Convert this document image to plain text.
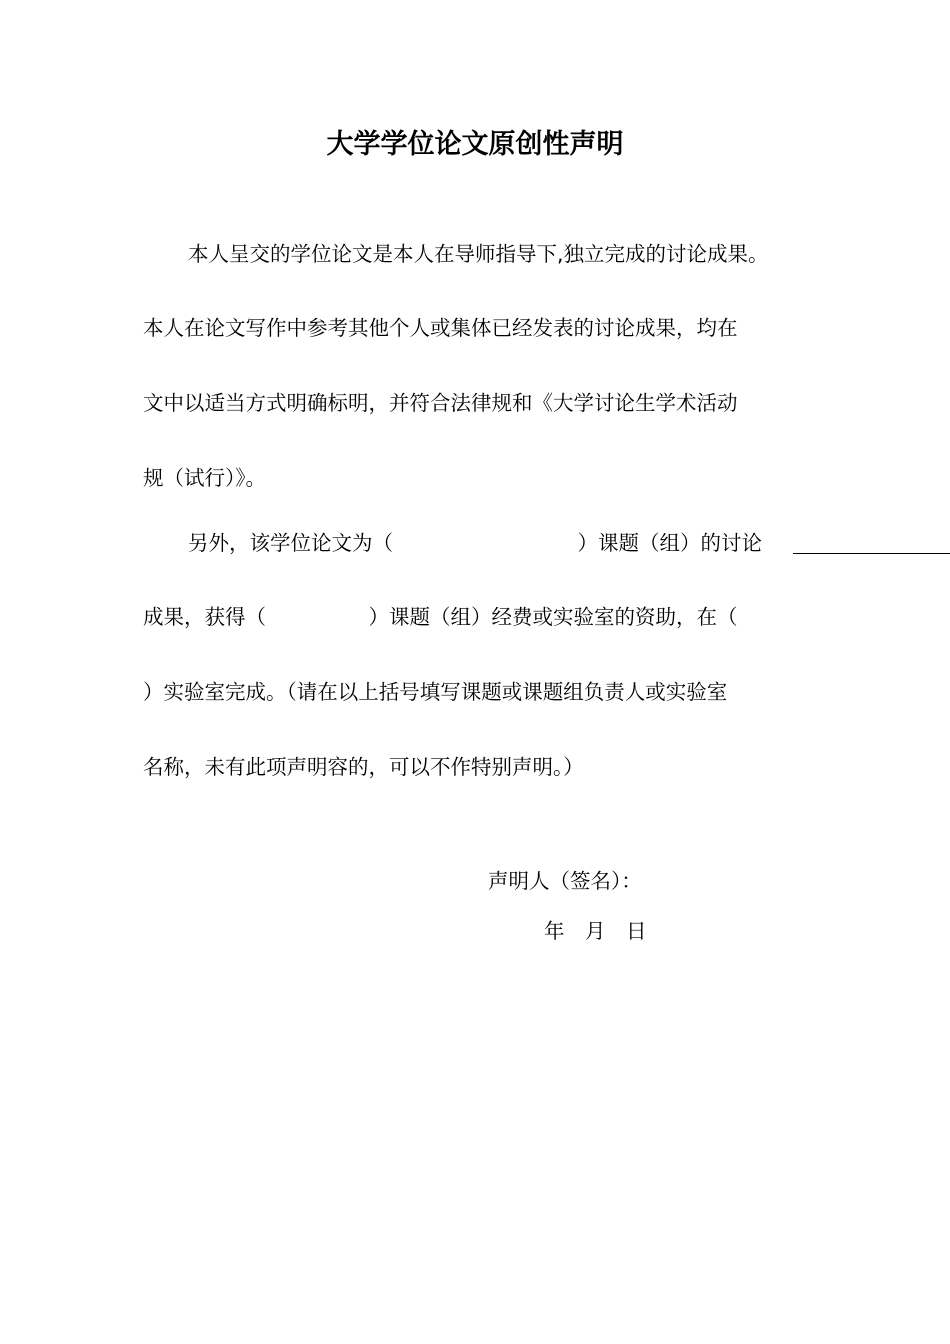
大学学位论文原创性声明
本人呈交的学位论文是本人在导师指导下,独立完成的讨论成果。
本人在论文写作中参考其他个人或集体已经发表的讨论成果，均在
文中以适当方式明确标明，并符合法律规和《大学讨论生学术活动
规（试行）》。
另外，该学位论文为（　　　　　　　　　）课题（组）的讨论
成果，获得（　　　　　）课题（组）经费或实验室的资助，在（
）实验室完成。（请在以上括号填写课题或课题组负责人或实验室
名称，未有此项声明容的，可以不作特别声明。）
声明人（签名）：
年　月　日
